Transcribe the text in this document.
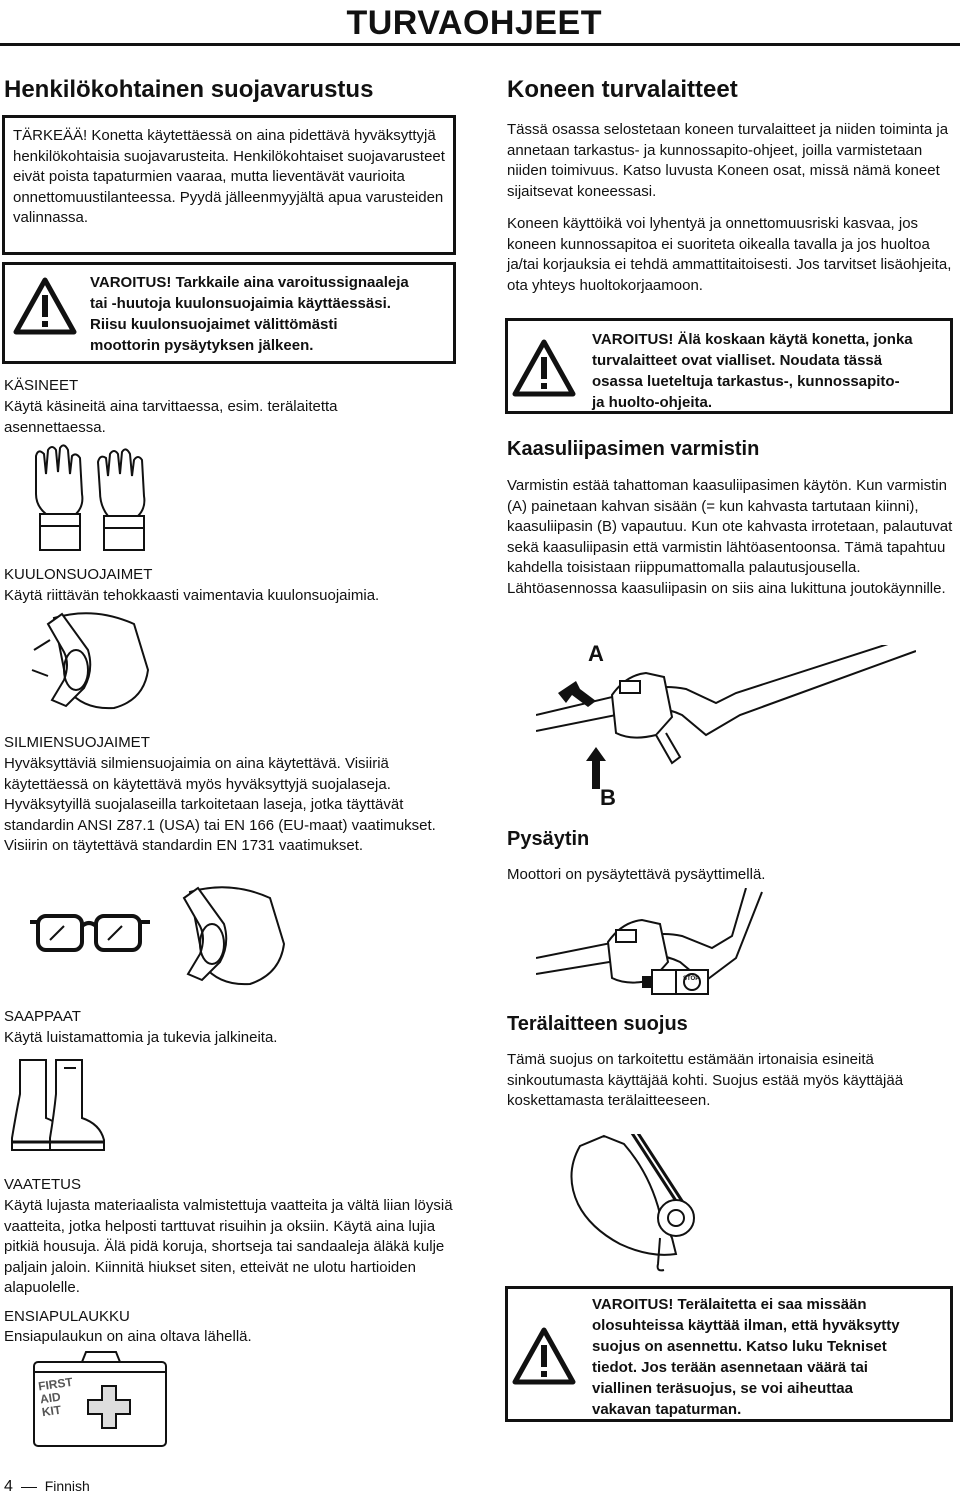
TURVAOHJEET
Henkilökohtainen suojavarustus
TÄRKEÄÄ! Konetta käytettäessä on aina pidettävä hyväksyttyjä henkilökohtaisia suojavarusteita. Henkilökohtaiset suojavarusteet eivät poista tapaturmien vaaraa, mutta lieventävät vaurioita onnettomuustilanteessa. Pyydä jälleenmyyjältä apua varusteiden valinnassa.
VAROITUS! Tarkkaile aina varoitussignaaleja
tai -huutoja kuulonsuojaimia käyttäessäsi.
Riisu kuulonsuojaimet välittömästi
moottorin pysäytyksen jälkeen.
KÄSINEET
Käytä käsineitä aina tarvittaessa, esim. terälaitetta asennettaessa.
KUULONSUOJAIMET
Käytä riittävän tehokkaasti vaimentavia kuulonsuojaimia.
SILMIENSUOJAIMET
Hyväksyttäviä silmiensuojaimia on aina käytettävä. Visiiriä käytettäessä on käytettävä myös hyväksyttyjä suojalaseja. Hyväksytyillä suojalaseilla tarkoitetaan laseja, jotka täyttävät standardin ANSI Z87.1 (USA) tai EN 166 (EU-maat) vaatimukset. Visiirin on täytettävä standardin EN 1731 vaatimukset.
SAAPPAAT
Käytä luistamattomia ja tukevia jalkineita.
VAATETUS
Käytä lujasta materiaalista valmistettuja vaatteita ja vältä liian löysiä vaatteita, jotka helposti tarttuvat risuihin ja oksiin. Käytä aina lujia pitkiä housuja. Älä pidä koruja, shortseja tai sandaaleja äläkä kulje paljain jaloin. Kiinnitä hiukset siten, etteivät ne ulotu hartioiden alapuolelle.
ENSIAPULAUKKU
Ensiapulaukun on aina oltava lähellä.
FIRST
AID
KIT
4 Finnish
Koneen turvalaitteet
Tässä osassa selostetaan koneen turvalaitteet ja niiden toiminta ja annetaan tarkastus- ja kunnossapito-ohjeet, joilla varmistetaan niiden toimivuus. Katso luvusta Koneen osat, missä nämä koneet sijaitsevat koneessasi.
Koneen käyttöikä voi lyhentyä ja onnettomuusriski kasvaa, jos koneen kunnossapitoa ei suoriteta oikealla tavalla ja jos huoltoa ja/tai korjauksia ei tehdä ammattitaitoisesti. Jos tarvitset lisäohjeita, ota yhteys huoltokorjaamoon.
VAROITUS! Älä koskaan käytä konetta, jonka
turvalaitteet ovat vialliset. Noudata tässä
osassa lueteltuja tarkastus-, kunnossapito-
ja huolto-ohjeita.
Kaasuliipasimen varmistin
Varmistin estää tahattoman kaasuliipasimen käytön. Kun varmistin (A) painetaan kahvan sisään (= kun kahvasta tartutaan kiinni), kaasuliipasin (B) vapautuu. Kun ote kahvasta irrotetaan, palautuvat sekä kaasuliipasin että varmistin lähtöasentoonsa. Tämä tapahtuu kahdella toisistaan riippumattomalla palautusjousella. Lähtöasennossa kaasuliipasin on siis aina lukittuna joutokäynnille.
A
B
Pysäytin
Moottori on pysäytettävä pysäyttimellä.
STOP
Terälaitteen suojus
Tämä suojus on tarkoitettu estämään irtonaisia esineitä sinkoutumasta käyttäjää kohti. Suojus estää myös käyttäjää koskettamasta terälaitteeseen.
VAROITUS! Terälaitetta ei saa missään
olosuhteissa käyttää ilman, että hyväksytty
suojus on asennettu. Katso luku Tekniset
tiedot. Jos terään asennetaan väärä tai
viallinen teräsuojus, se voi aiheuttaa
vakavan tapaturman.
